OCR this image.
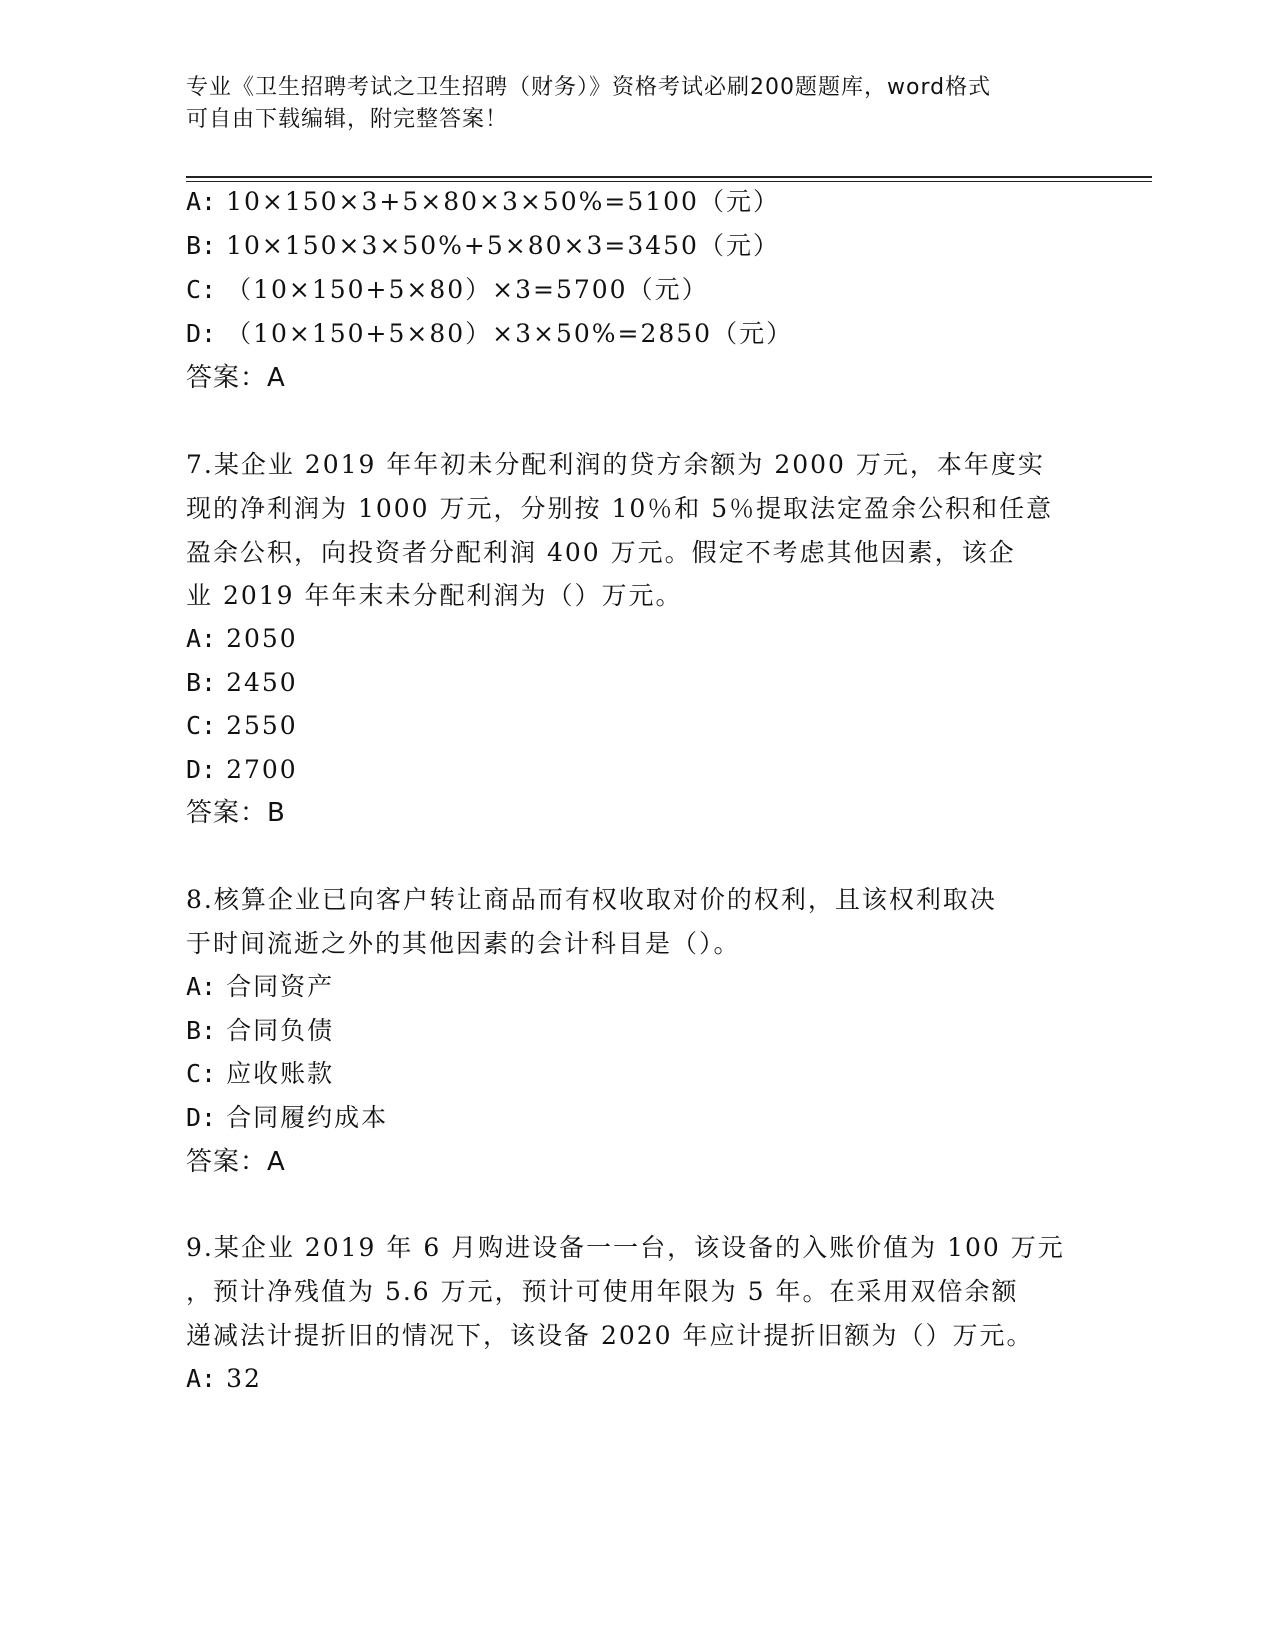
专业《卫生招聘考试之卫生招聘（财务）》资格考试必刷200题题库，word格式
可自由下载编辑，附完整答案！
A: 10×150×3+5×80×3×50%=5100（元）
B: 10×150×3×50%+5×80×3=3450（元）
C: （10×150+5×80）×3=5700（元）
D: （10×150+5×80）×3×50%=2850（元）
答案：A
7.某企业 2019 年年初未分配利润的贷方余额为 2000 万元，本年度实
现的净利润为 1000 万元，分别按 10％和 5％提取法定盈余公积和任意
盈余公积，向投资者分配利润 400 万元。假定不考虑其他因素，该企
业 2019 年年末未分配利润为（）万元。
A: 2050
B: 2450
C: 2550
D: 2700
答案：B
8.核算企业已向客户转让商品而有权收取对价的权利，且该权利取决
于时间流逝之外的其他因素的会计科目是（）。
A: 合同资产
B: 合同负债
C: 应收账款
D: 合同履约成本
答案：A
9.某企业 2019 年 6 月购进设备一一台，该设备的入账价值为 100 万元
，预计净残值为 5.6 万元，预计可使用年限为 5 年。在采用双倍余额
递减法计提折旧的情况下，该设备 2020 年应计提折旧额为（）万元。
A: 32
